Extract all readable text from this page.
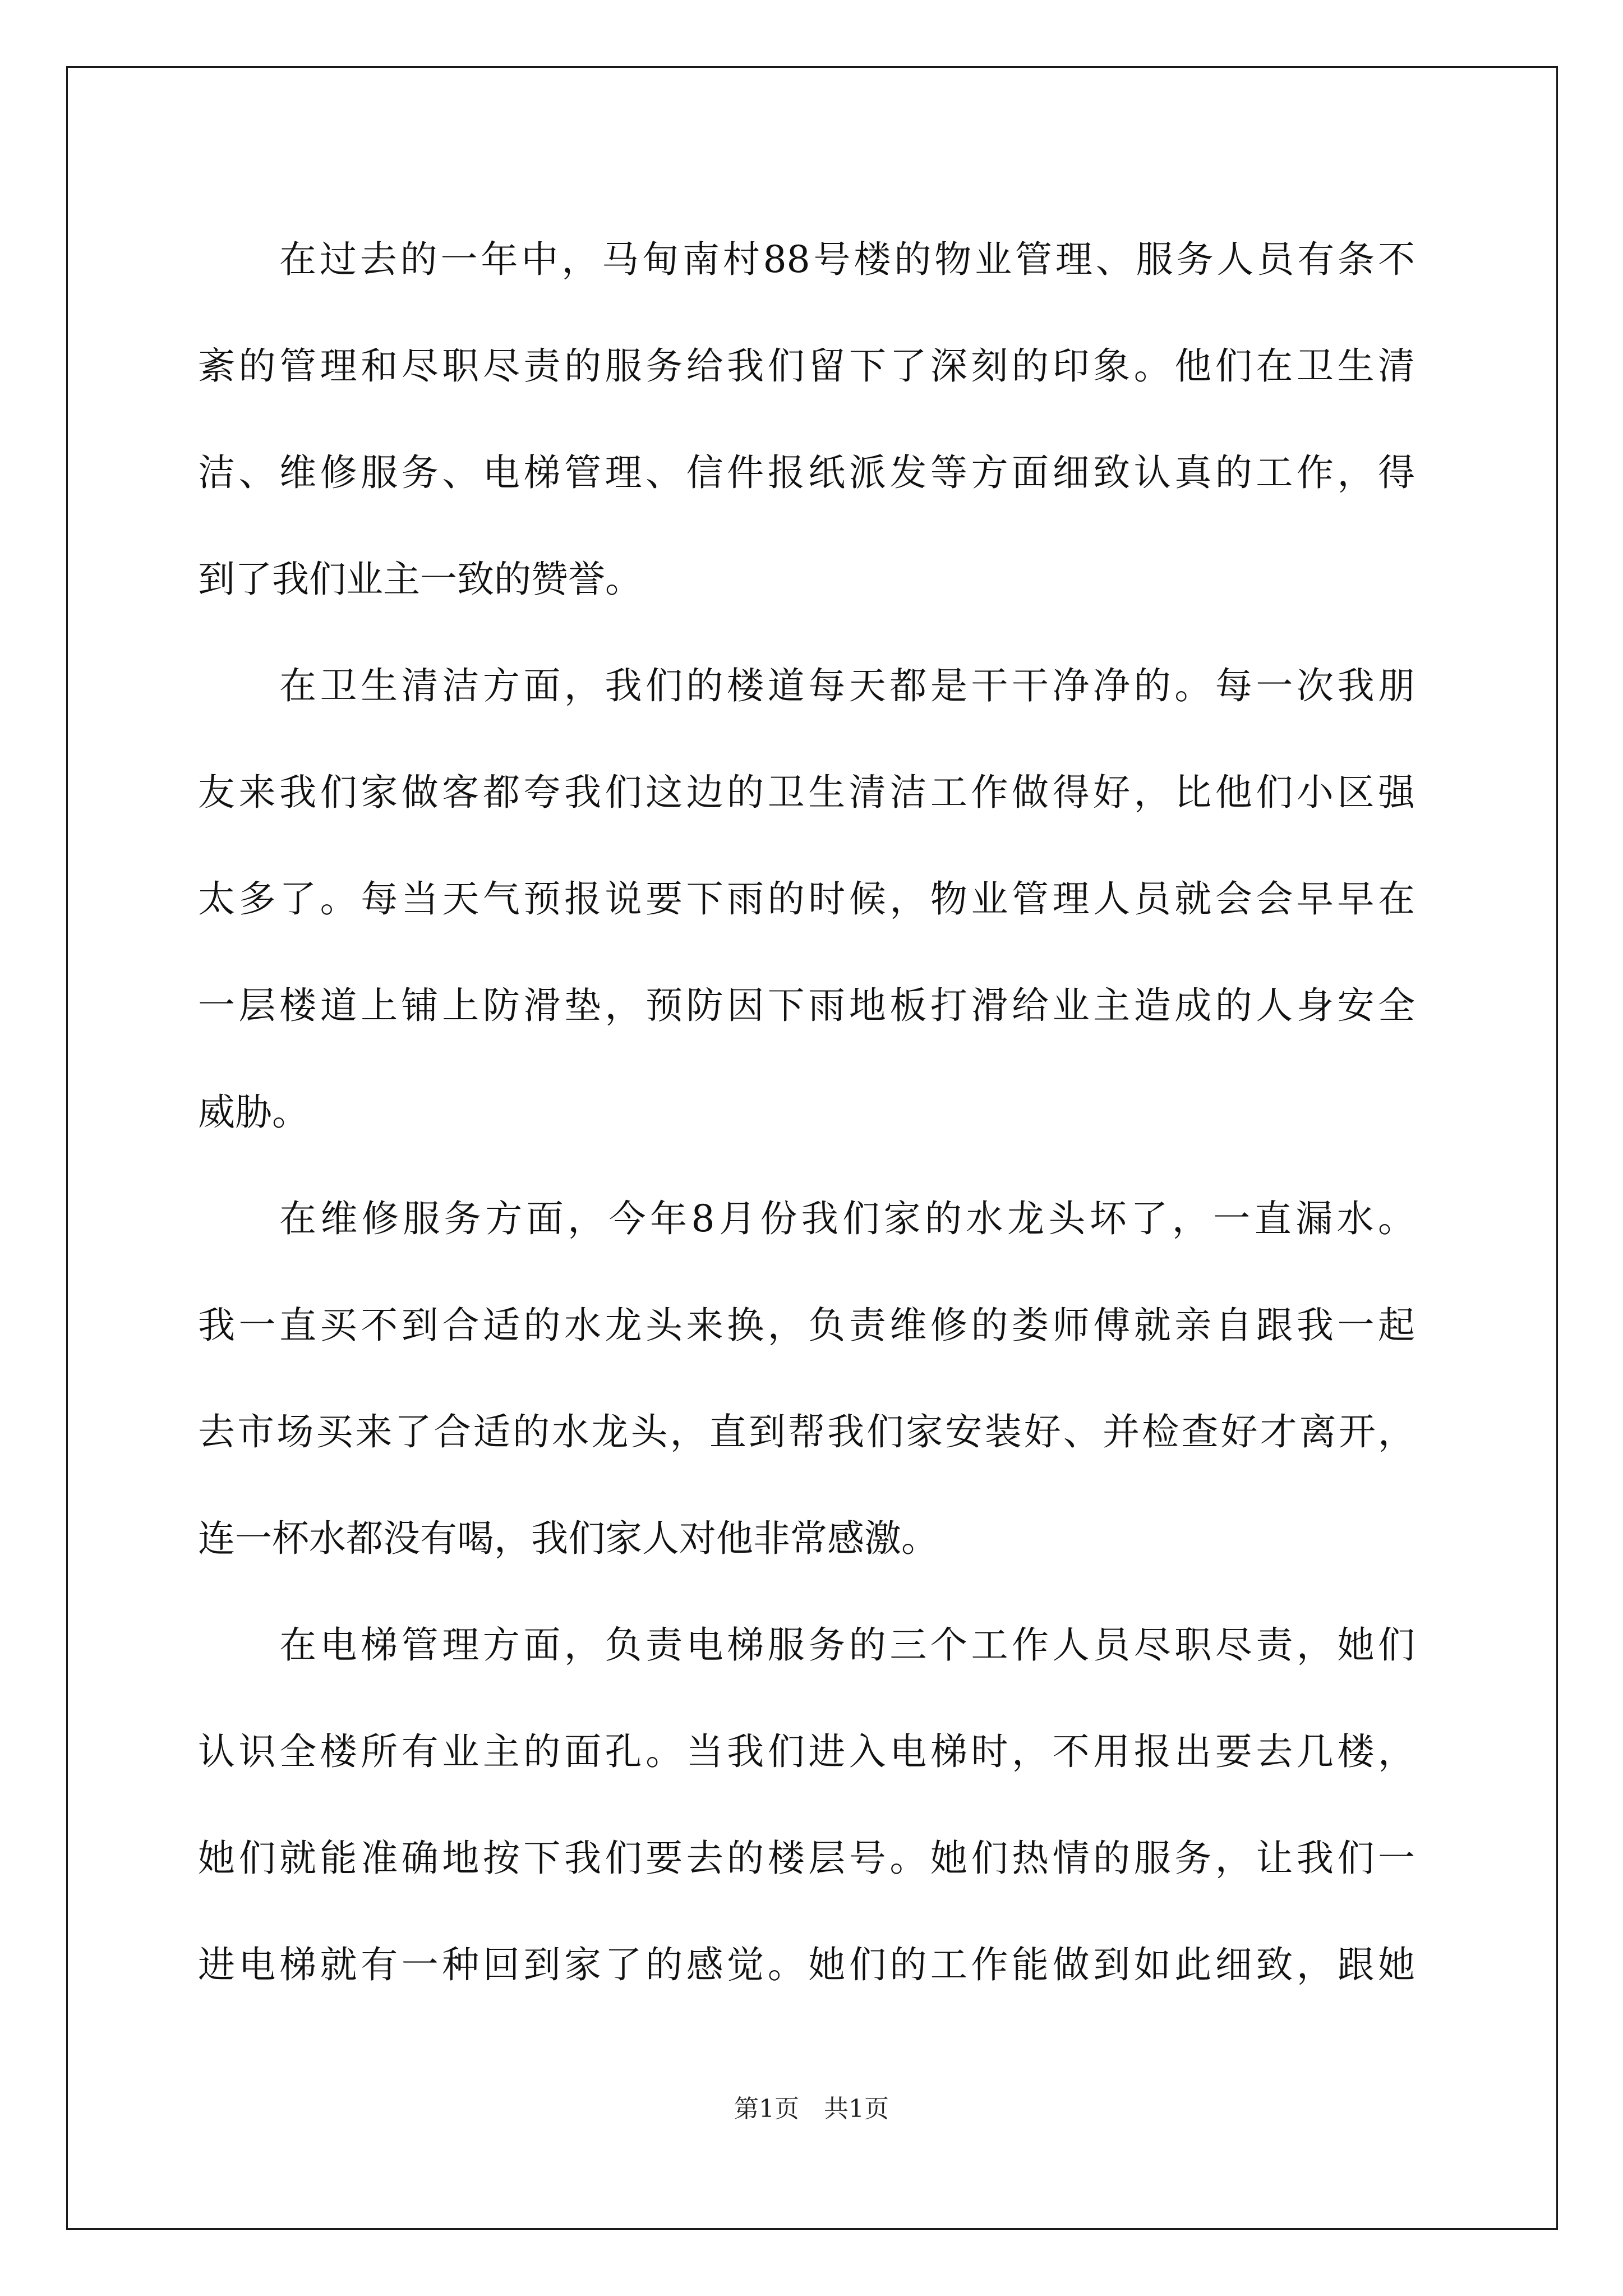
在过去的一年中，马甸南村88号楼的物业管理、服务人员有条不
紊的管理和尽职尽责的服务给我们留下了深刻的印象。他们在卫生清
洁、维修服务、电梯管理、信件报纸派发等方面细致认真的工作，得
到了我们业主一致的赞誉。
在卫生清洁方面，我们的楼道每天都是干干净净的。每一次我朋
友来我们家做客都夸我们这边的卫生清洁工作做得好，比他们小区强
太多了。每当天气预报说要下雨的时候，物业管理人员就会会早早在
一层楼道上铺上防滑垫，预防因下雨地板打滑给业主造成的人身安全
威胁。
在维修服务方面，今年8月份我们家的水龙头坏了，一直漏水。
我一直买不到合适的水龙头来换，负责维修的娄师傅就亲自跟我一起
去市场买来了合适的水龙头，直到帮我们家安装好、并检查好才离开，
连一杯水都没有喝，我们家人对他非常感激。
在电梯管理方面，负责电梯服务的三个工作人员尽职尽责，她们
认识全楼所有业主的面孔。当我们进入电梯时，不用报出要去几楼，
她们就能准确地按下我们要去的楼层号。她们热情的服务，让我们一
进电梯就有一种回到家了的感觉。她们的工作能做到如此细致，跟她
第1页　共1页
